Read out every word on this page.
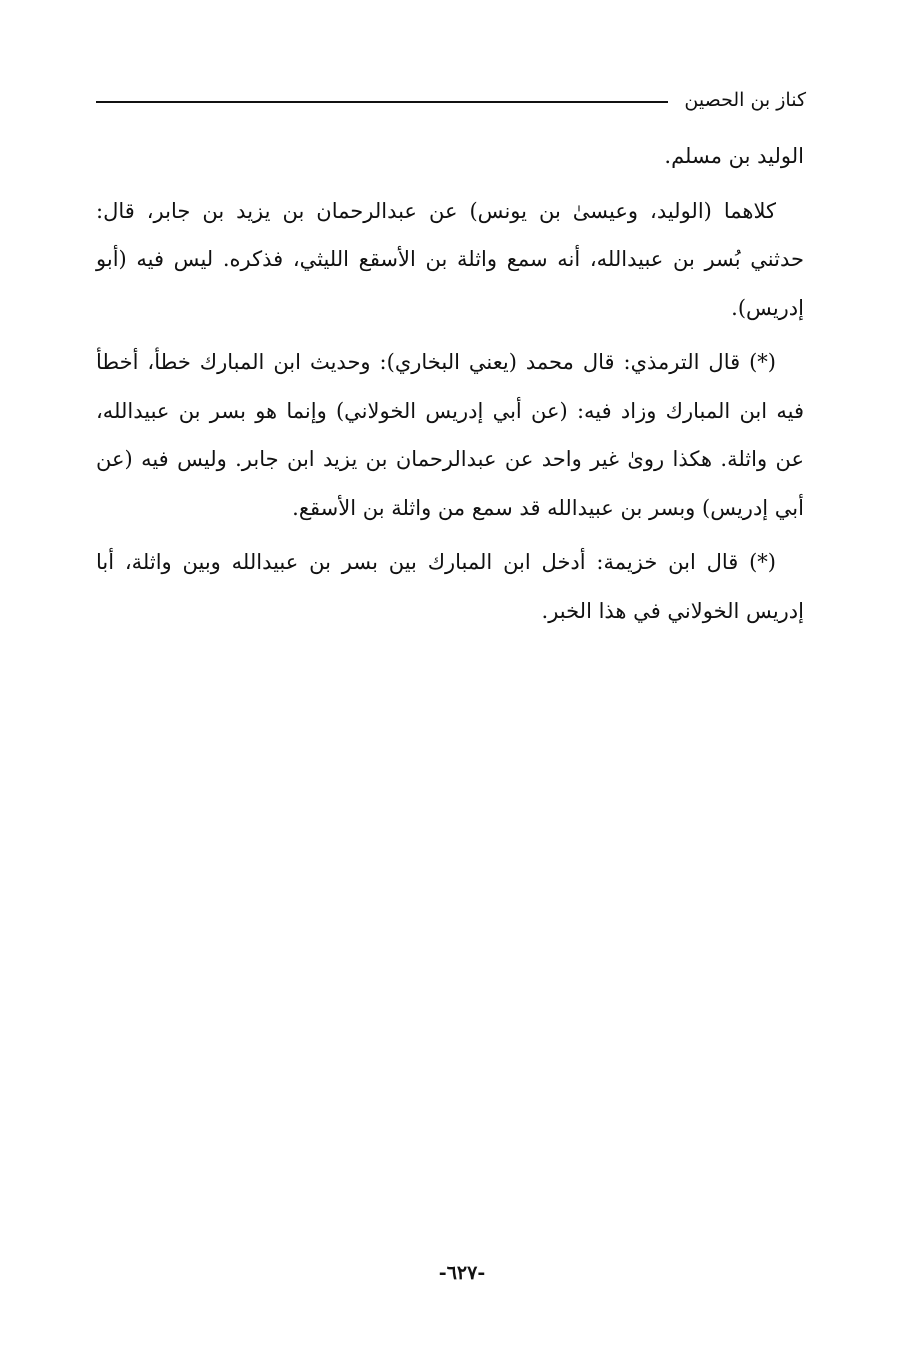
كناز بن الحصين

الوليد بن مسلم.

كلاهما (الوليد، وعيسىٰ بن يونس) عن عبدالرحمان بن يزيد بن جابر، قال: حدثني بُسر بن عبيدالله، أنه سمع واثلة بن الأسقع الليثي، فذكره. ليس فيه (أبو إدريس).

(*) قال الترمذي: قال محمد (يعني البخاري): وحديث ابن المبارك خطأ، أخطأ فيه ابن المبارك وزاد فيه: (عن أبي إدريس الخولاني) وإنما هو بسر بن عبيدالله، عن واثلة. هكذا روىٰ غير واحد عن عبدالرحمان بن يزيد ابن جابر. وليس فيه (عن أبي إدريس) وبسر بن عبيدالله قد سمع من واثلة بن الأسقع.

(*) قال ابن خزيمة: أدخل ابن المبارك بين بسر بن عبيدالله وبين واثلة، أبا إدريس الخولاني في هذا الخبر.

-٦٢٧-
